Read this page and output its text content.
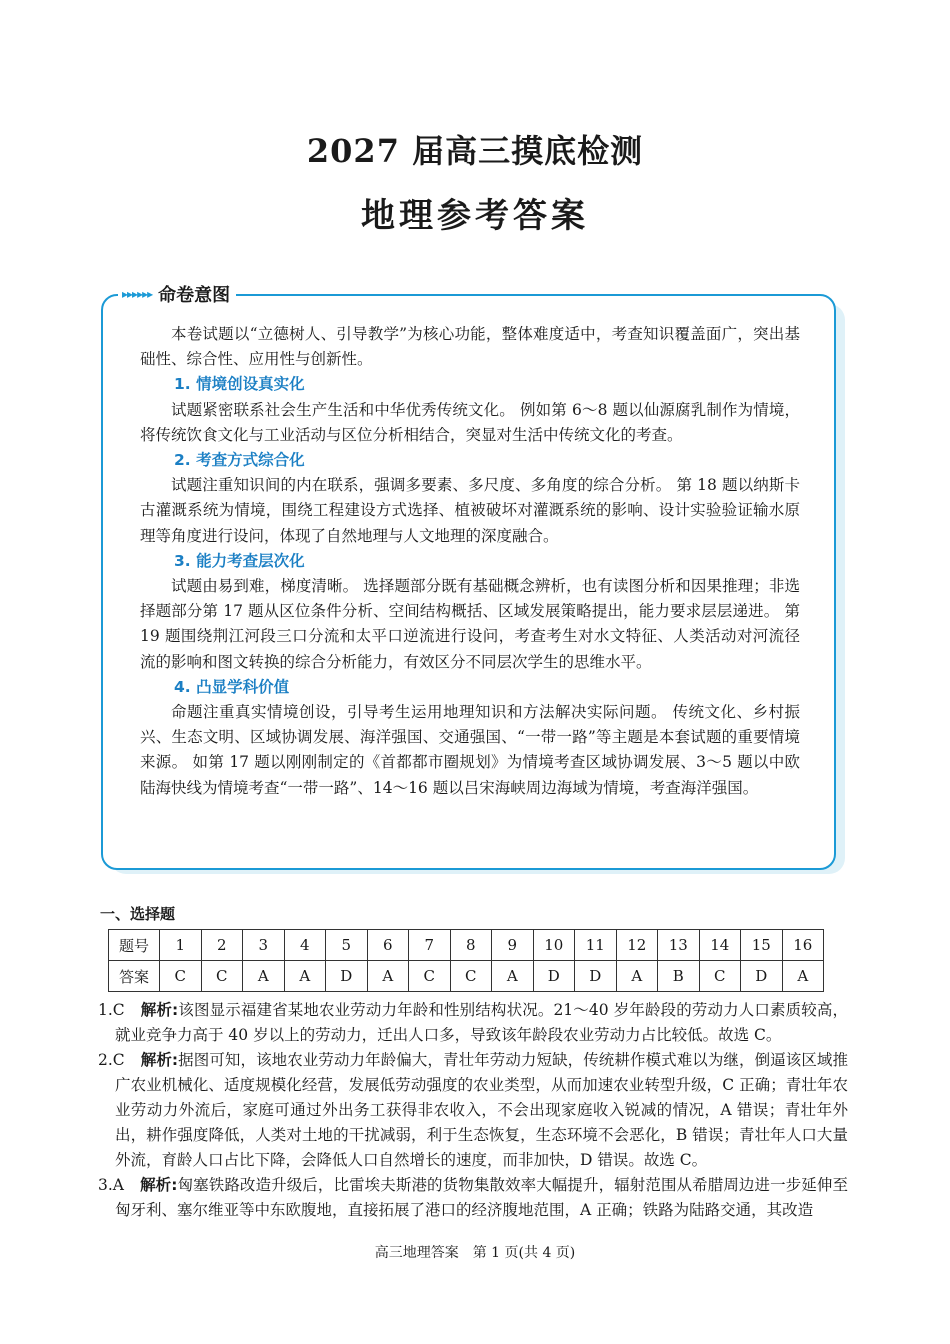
2027 届高三摸底检测
地理参考答案
▸▸▸▸▸▸ 命卷意图

本卷试题以“立德树人、引导教学”为核心功能，整体难度适中，考查知识覆盖面广，突出基础性、综合性、应用性与创新性。

1. 情境创设真实化

试题紧密联系社会生产生活和中华优秀传统文化。 例如第 6～8 题以仙源腐乳制作为情境，将传统饮食文化与工业活动与区位分析相结合，突显对生活中传统文化的考查。

2. 考查方式综合化

试题注重知识间的内在联系，强调多要素、多尺度、多角度的综合分析。 第 18 题以纳斯卡古灌溉系统为情境，围绕工程建设方式选择、植被破坏对灌溉系统的影响、设计实验验证输水原理等角度进行设问，体现了自然地理与人文地理的深度融合。

3. 能力考查层次化

试题由易到难，梯度清晰。 选择题部分既有基础概念辨析，也有读图分析和因果推理；非选择题部分第 17 题从区位条件分析、空间结构概括、区域发展策略提出，能力要求层层递进。 第 19 题围绕荆江河段三口分流和太平口逆流进行设问，考查考生对水文特征、人类活动对河流径流的影响和图文转换的综合分析能力，有效区分不同层次学生的思维水平。

4. 凸显学科价值

命题注重真实情境创设，引导考生运用地理知识和方法解决实际问题。 传统文化、乡村振兴、生态文明、区域协调发展、海洋强国、交通强国、“一带一路”等主题是本套试题的重要情境来源。 如第 17 题以刚刚制定的《首都都市圈规划》为情境考查区域协调发展、3～5 题以中欧陆海快线为情境考查“一带一路”、14～16 题以吕宋海峡周边海域为情境，考查海洋强国。

一、选择题
题号	1	2	3	4	5	6	7	8	9	10	11	12	13	14	15	16
答案	C	C	A	A	D	A	C	C	A	D	D	A	B	C	D	A

1.C 解析:该图显示福建省某地农业劳动力年龄和性别结构状况。21～40 岁年龄段的劳动力人口素质较高，就业竞争力高于 40 岁以上的劳动力，迁出人口多，导致该年龄段农业劳动力占比较低。故选 C。

2.C 解析:据图可知，该地农业劳动力年龄偏大，青壮年劳动力短缺，传统耕作模式难以为继，倒逼该区域推广农业机械化、适度规模化经营，发展低劳动强度的农业类型，从而加速农业转型升级，C 正确；青壮年农业劳动力外流后，家庭可通过外出务工获得非农收入，不会出现家庭收入锐减的情况，A 错误；青壮年外出，耕作强度降低，人类对土地的干扰减弱，利于生态恢复，生态环境不会恶化，B 错误；青壮年人口大量外流，育龄人口占比下降，会降低人口自然增长的速度，而非加快，D 错误。故选 C。

3.A 解析:匈塞铁路改造升级后，比雷埃夫斯港的货物集散效率大幅提升，辐射范围从希腊周边进一步延伸至匈牙利、塞尔维亚等中东欧腹地，直接拓展了港口的经济腹地范围，A 正确；铁路为陆路交通，其改造

高三地理答案　第 1 页(共 4 页)
